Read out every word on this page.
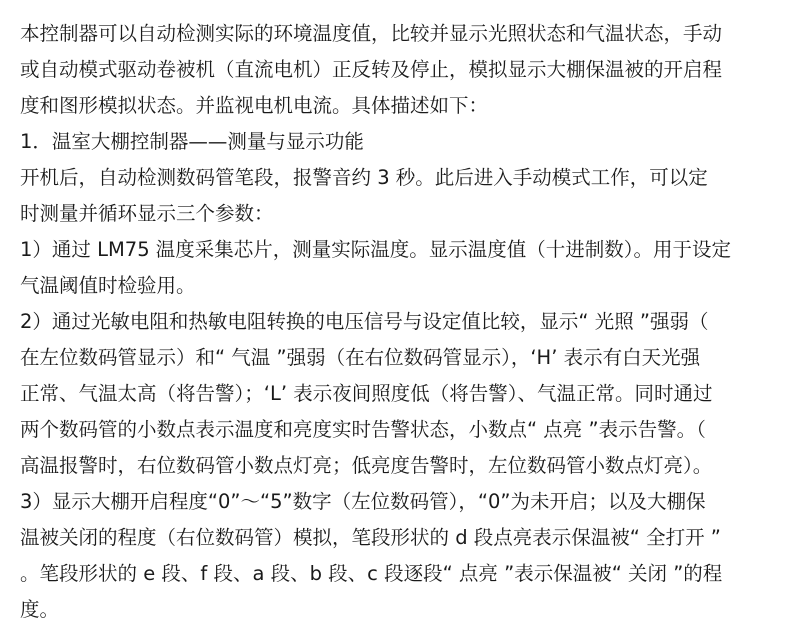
本控制器可以自动检测实际的环境温度值，比较并显示光照状态和气温状态，手动
或自动模式驱动卷被机（直流电机）正反转及停止，模拟显示大棚保温被的开启程
度和图形模拟状态。并监视电机电流。具体描述如下：
1．温室大棚控制器——测量与显示功能
开机后，自动检测数码管笔段，报警音约 3 秒。此后进入手动模式工作，可以定
时测量并循环显示三个参数：
1）通过 LM75 温度采集芯片，测量实际温度。显示温度值（十进制数）。用于设定
气温阈值时检验用。
2）通过光敏电阻和热敏电阻转换的电压信号与设定值比较，显示“ 光照 ”强弱（
在左位数码管显示）和“ 气温 ”强弱（在右位数码管显示），‘H’ 表示有白天光强
正常、气温太高（将告警）；‘L’ 表示夜间照度低（将告警）、气温正常。同时通过
两个数码管的小数点表示温度和亮度实时告警状态，小数点“ 点亮 ”表示告警。（
高温报警时，右位数码管小数点灯亮；低亮度告警时，左位数码管小数点灯亮）。
3）显示大棚开启程度“0”～“5”数字（左位数码管），“0”为未开启；以及大棚保
温被关闭的程度（右位数码管）模拟，笔段形状的 d 段点亮表示保温被“ 全打开 ”
。笔段形状的 e 段、f 段、a 段、b 段、c 段逐段“ 点亮 ”表示保温被“ 关闭 ”的程
度。
